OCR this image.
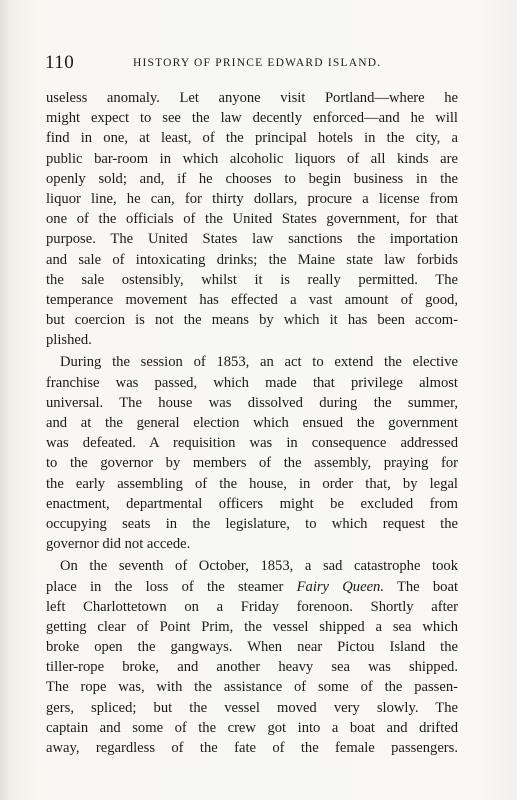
110	HISTORY OF PRINCE EDWARD ISLAND.
useless anomaly. Let anyone visit Portland—where he
might expect to see the law decently enforced—and he will
find in one, at least, of the principal hotels in the city, a
public bar-room in which alcoholic liquors of all kinds are
openly sold; and, if he chooses to begin business in the
liquor line, he can, for thirty dollars, procure a license from
one of the officials of the United States government, for that
purpose. The United States law sanctions the importation
and sale of intoxicating drinks; the Maine state law forbids
the sale ostensibly, whilst it is really permitted. The
temperance movement has effected a vast amount of good,
but coercion is not the means by which it has been accom-
plished.
During the session of 1853, an act to extend the elective
franchise was passed, which made that privilege almost
universal. The house was dissolved during the summer,
and at the general election which ensued the government
was defeated. A requisition was in consequence addressed
to the governor by members of the assembly, praying for
the early assembling of the house, in order that, by legal
enactment, departmental officers might be excluded from
occupying seats in the legislature, to which request the
governor did not accede.
On the seventh of October, 1853, a sad catastrophe took
place in the loss of the steamer Fairy Queen. The boat
left Charlottetown on a Friday forenoon. Shortly after
getting clear of Point Prim, the vessel shipped a sea which
broke open the gangways. When near Pictou Island the
tiller-rope broke, and another heavy sea was shipped.
The rope was, with the assistance of some of the passen-
gers, spliced; but the vessel moved very slowly. The
captain and some of the crew got into a boat and drifted
away, regardless of the fate of the female passengers.
